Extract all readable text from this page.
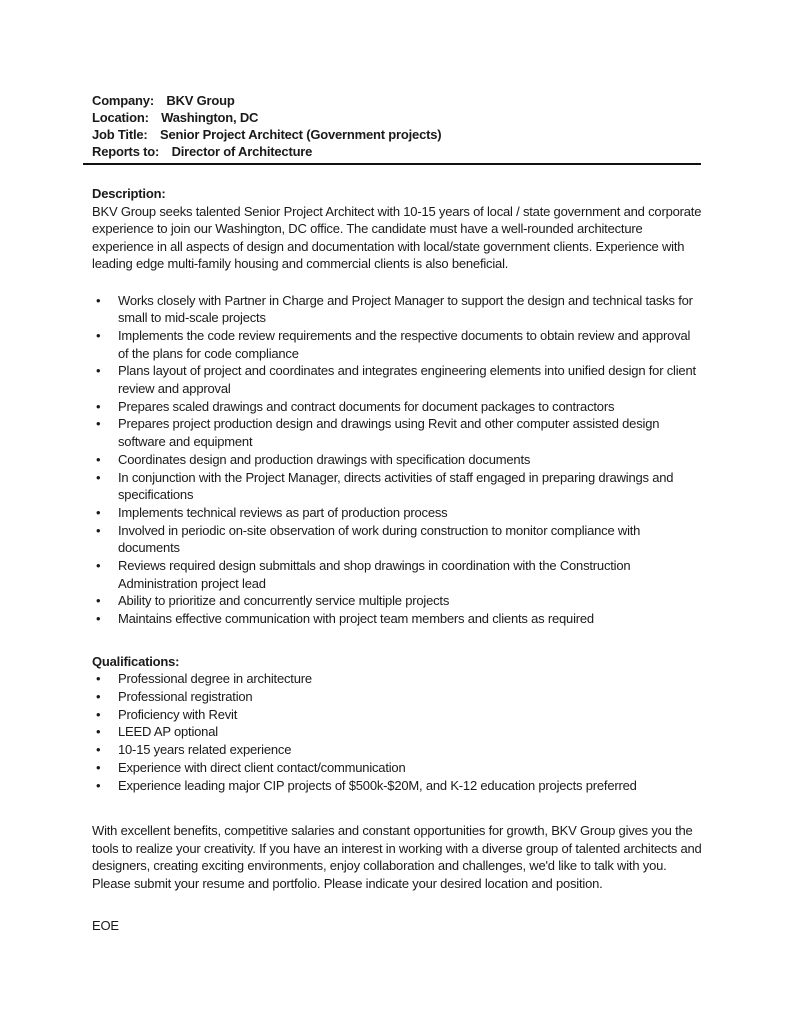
Company: BKV Group
Location: Washington, DC
Job Title: Senior Project Architect (Government projects)
Reports to: Director of Architecture

Description:

BKV Group seeks talented Senior Project Architect with 10-15 years of local / state government and corporate experience to join our Washington, DC office. The candidate must have a well-rounded architecture experience in all aspects of design and documentation with local/state government clients. Experience with leading edge multi-family housing and commercial clients is also beneficial.

• Works closely with Partner in Charge and Project Manager to support the design and technical tasks for small to mid-scale projects
• Implements the code review requirements and the respective documents to obtain review and approval of the plans for code compliance
• Plans layout of project and coordinates and integrates engineering elements into unified design for client review and approval
• Prepares scaled drawings and contract documents for document packages to contractors
• Prepares project production design and drawings using Revit and other computer assisted design software and equipment
• Coordinates design and production drawings with specification documents
• In conjunction with the Project Manager, directs activities of staff engaged in preparing drawings and specifications
• Implements technical reviews as part of production process
• Involved in periodic on-site observation of work during construction to monitor compliance with documents
• Reviews required design submittals and shop drawings in coordination with the Construction Administration project lead
• Ability to prioritize and concurrently service multiple projects
• Maintains effective communication with project team members and clients as required

Qualifications:

• Professional degree in architecture
• Professional registration
• Proficiency with Revit
• LEED AP optional
• 10-15 years related experience
• Experience with direct client contact/communication
• Experience leading major CIP projects of $500k-$20M, and K-12 education projects preferred

With excellent benefits, competitive salaries and constant opportunities for growth, BKV Group gives you the tools to realize your creativity. If you have an interest in working with a diverse group of talented architects and designers, creating exciting environments, enjoy collaboration and challenges, we'd like to talk with you. Please submit your resume and portfolio. Please indicate your desired location and position.

EOE
